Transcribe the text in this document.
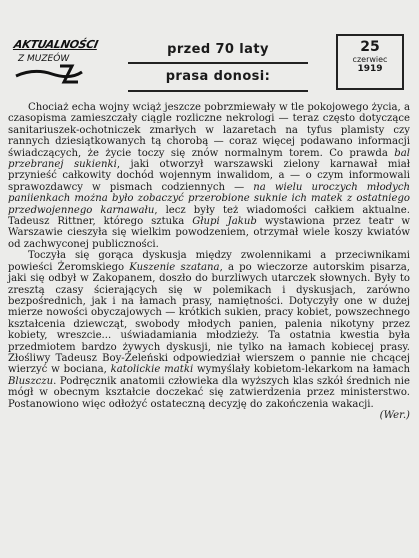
AKTUALNOŚCI
Z MUZEÓW
przed 70 laty
prasa donosi:
25
czerwiec
1919

Chociaż echa wojny wciąż jeszcze pobrzmiewały w tle pokojowego życia, a czasopisma zamieszczały ciągle rozliczne nekrologi — teraz często dotyczące sanitariuszek-ochotniczek zmarłych w lazaretach na tyfus plamisty czy rannych dziesiątkowanych tą chorobą — coraz więcej podawano informacji świadczących, że życie toczy się znów normalnym torem. Co prawda bal przebranej sukienki, jaki otworzył warszawski zielony karnawał miał przynieść całkowity dochód wojennym inwalidom, a — o czym informowali sprawozdawcy w pismach codziennych — na wielu uroczych młodych paniienkach można było zobaczyć przerobione suknie ich matek z ostatniego przedwojennego karnawału, lecz były też wiadomości całkiem aktualne. Tadeusz Rittner, którego sztuka Głupi Jakub wystawiona przez teatr w Warszawie cieszyła się wielkim powodzeniem, otrzymał wiele koszy kwiatów od zachwyconej publiczności.

Toczyła się gorąca dyskusja między zwolennikami a przeciwnikami powieści Żeromskiego Kuszenie szatana, a po wieczorze autorskim pisarza, jaki się odbył w Zakopanem, doszło do burzliwych utarczek słownych. Były to zresztą czasy ścierających się w polemikach i dyskusjach, zarówno bezpośrednich, jak i na łamach prasy, namiętności. Dotyczyły one w dużej mierze nowości obyczajowych — krótkich sukien, pracy kobiet, powszechnego kształcenia dziewcząt, swobody młodych panien, palenia nikotyny przez kobiety, wreszcie... uświadamiania młodzieży. Ta ostatnia kwestia była przedmiotem bardzo żywych dyskusji, nie tylko na łamach kobiecej prasy. Złośliwy Tadeusz Boy-Żeleński odpowiedział wierszem o pannie nie chcącej wierzyć w bociana, katolickie matki wymyślały kobietom-lekarkom na łamach Bluszczu. Podręcznik anatomii człowieka dla wyższych klas szkół średnich nie mógł w obecnym kształcie doczekać się zatwierdzenia przez ministerstwo. Postanowiono więc odłożyć ostateczną decyzję do zakończenia wakacji.

(Wer.)
